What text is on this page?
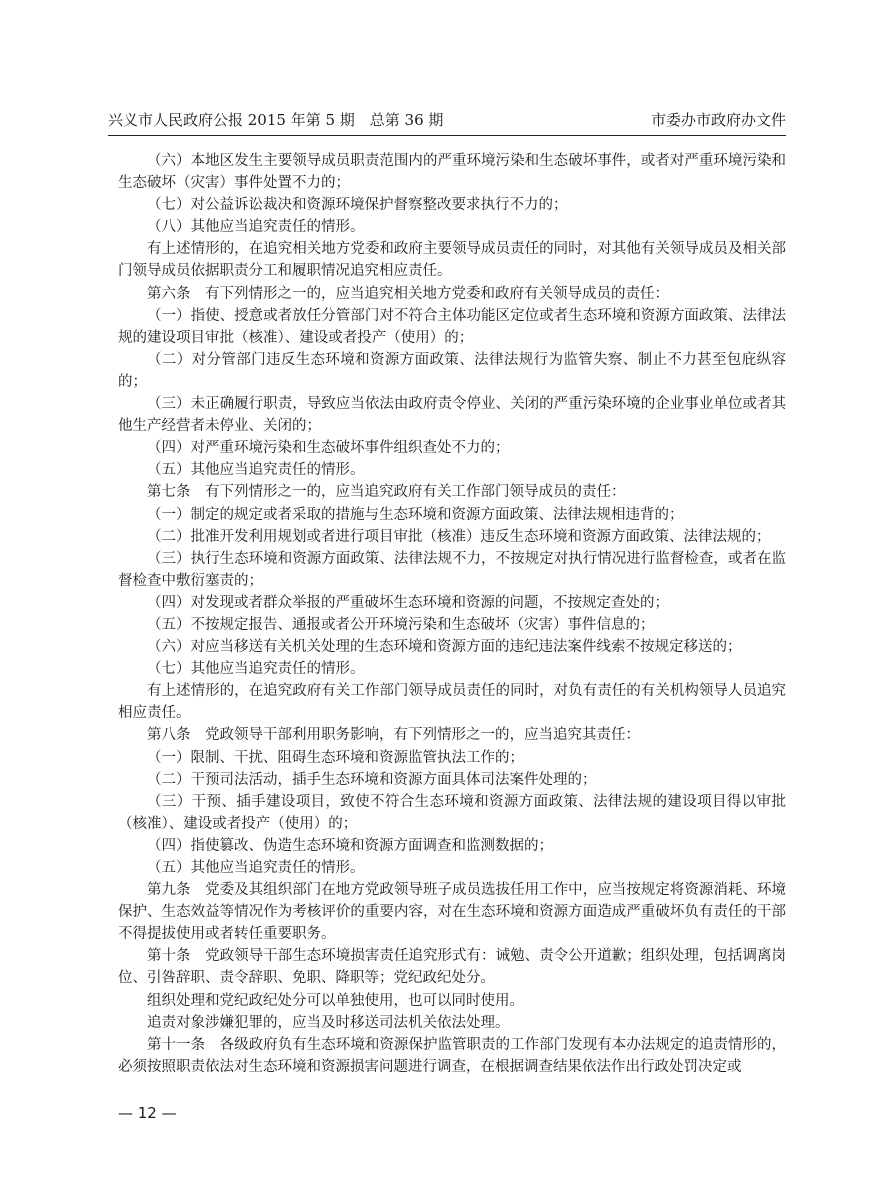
兴义市人民政府公报 2015 年第 5 期　总第 36 期	市委办市政府办文件

（六）本地区发生主要领导成员职责范围内的严重环境污染和生态破坏事件，或者对严重环境污染和生态破坏（灾害）事件处置不力的；

（七）对公益诉讼裁决和资源环境保护督察整改要求执行不力的；

（八）其他应当追究责任的情形。

有上述情形的，在追究相关地方党委和政府主要领导成员责任的同时，对其他有关领导成员及相关部门领导成员依据职责分工和履职情况追究相应责任。

第六条　有下列情形之一的，应当追究相关地方党委和政府有关领导成员的责任：

（一）指使、授意或者放任分管部门对不符合主体功能区定位或者生态环境和资源方面政策、法律法规的建设项目审批（核准）、建设或者投产（使用）的；

（二）对分管部门违反生态环境和资源方面政策、法律法规行为监管失察、制止不力甚至包庇纵容的；

（三）未正确履行职责，导致应当依法由政府责令停业、关闭的严重污染环境的企业事业单位或者其他生产经营者未停业、关闭的；

（四）对严重环境污染和生态破坏事件组织查处不力的；

（五）其他应当追究责任的情形。

第七条　有下列情形之一的，应当追究政府有关工作部门领导成员的责任：

（一）制定的规定或者采取的措施与生态环境和资源方面政策、法律法规相违背的；

（二）批准开发利用规划或者进行项目审批（核准）违反生态环境和资源方面政策、法律法规的；

（三）执行生态环境和资源方面政策、法律法规不力，不按规定对执行情况进行监督检查，或者在监督检查中敷衍塞责的；

（四）对发现或者群众举报的严重破坏生态环境和资源的问题，不按规定查处的；

（五）不按规定报告、通报或者公开环境污染和生态破坏（灾害）事件信息的；

（六）对应当移送有关机关处理的生态环境和资源方面的违纪违法案件线索不按规定移送的；

（七）其他应当追究责任的情形。

有上述情形的，在追究政府有关工作部门领导成员责任的同时，对负有责任的有关机构领导人员追究相应责任。

第八条　党政领导干部利用职务影响，有下列情形之一的，应当追究其责任：

（一）限制、干扰、阻碍生态环境和资源监管执法工作的；

（二）干预司法活动，插手生态环境和资源方面具体司法案件处理的；

（三）干预、插手建设项目，致使不符合生态环境和资源方面政策、法律法规的建设项目得以审批（核准）、建设或者投产（使用）的；

（四）指使篡改、伪造生态环境和资源方面调查和监测数据的；

（五）其他应当追究责任的情形。

第九条　党委及其组织部门在地方党政领导班子成员选拔任用工作中，应当按规定将资源消耗、环境保护、生态效益等情况作为考核评价的重要内容，对在生态环境和资源方面造成严重破坏负有责任的干部不得提拔使用或者转任重要职务。

第十条　党政领导干部生态环境损害责任追究形式有：诫勉、责令公开道歉；组织处理，包括调离岗位、引咎辞职、责令辞职、免职、降职等；党纪政纪处分。

组织处理和党纪政纪处分可以单独使用，也可以同时使用。

追责对象涉嫌犯罪的，应当及时移送司法机关依法处理。

第十一条　各级政府负有生态环境和资源保护监管职责的工作部门发现有本办法规定的追责情形的，必须按照职责依法对生态环境和资源损害问题进行调查，在根据调查结果依法作出行政处罚决定或

— 12 —
